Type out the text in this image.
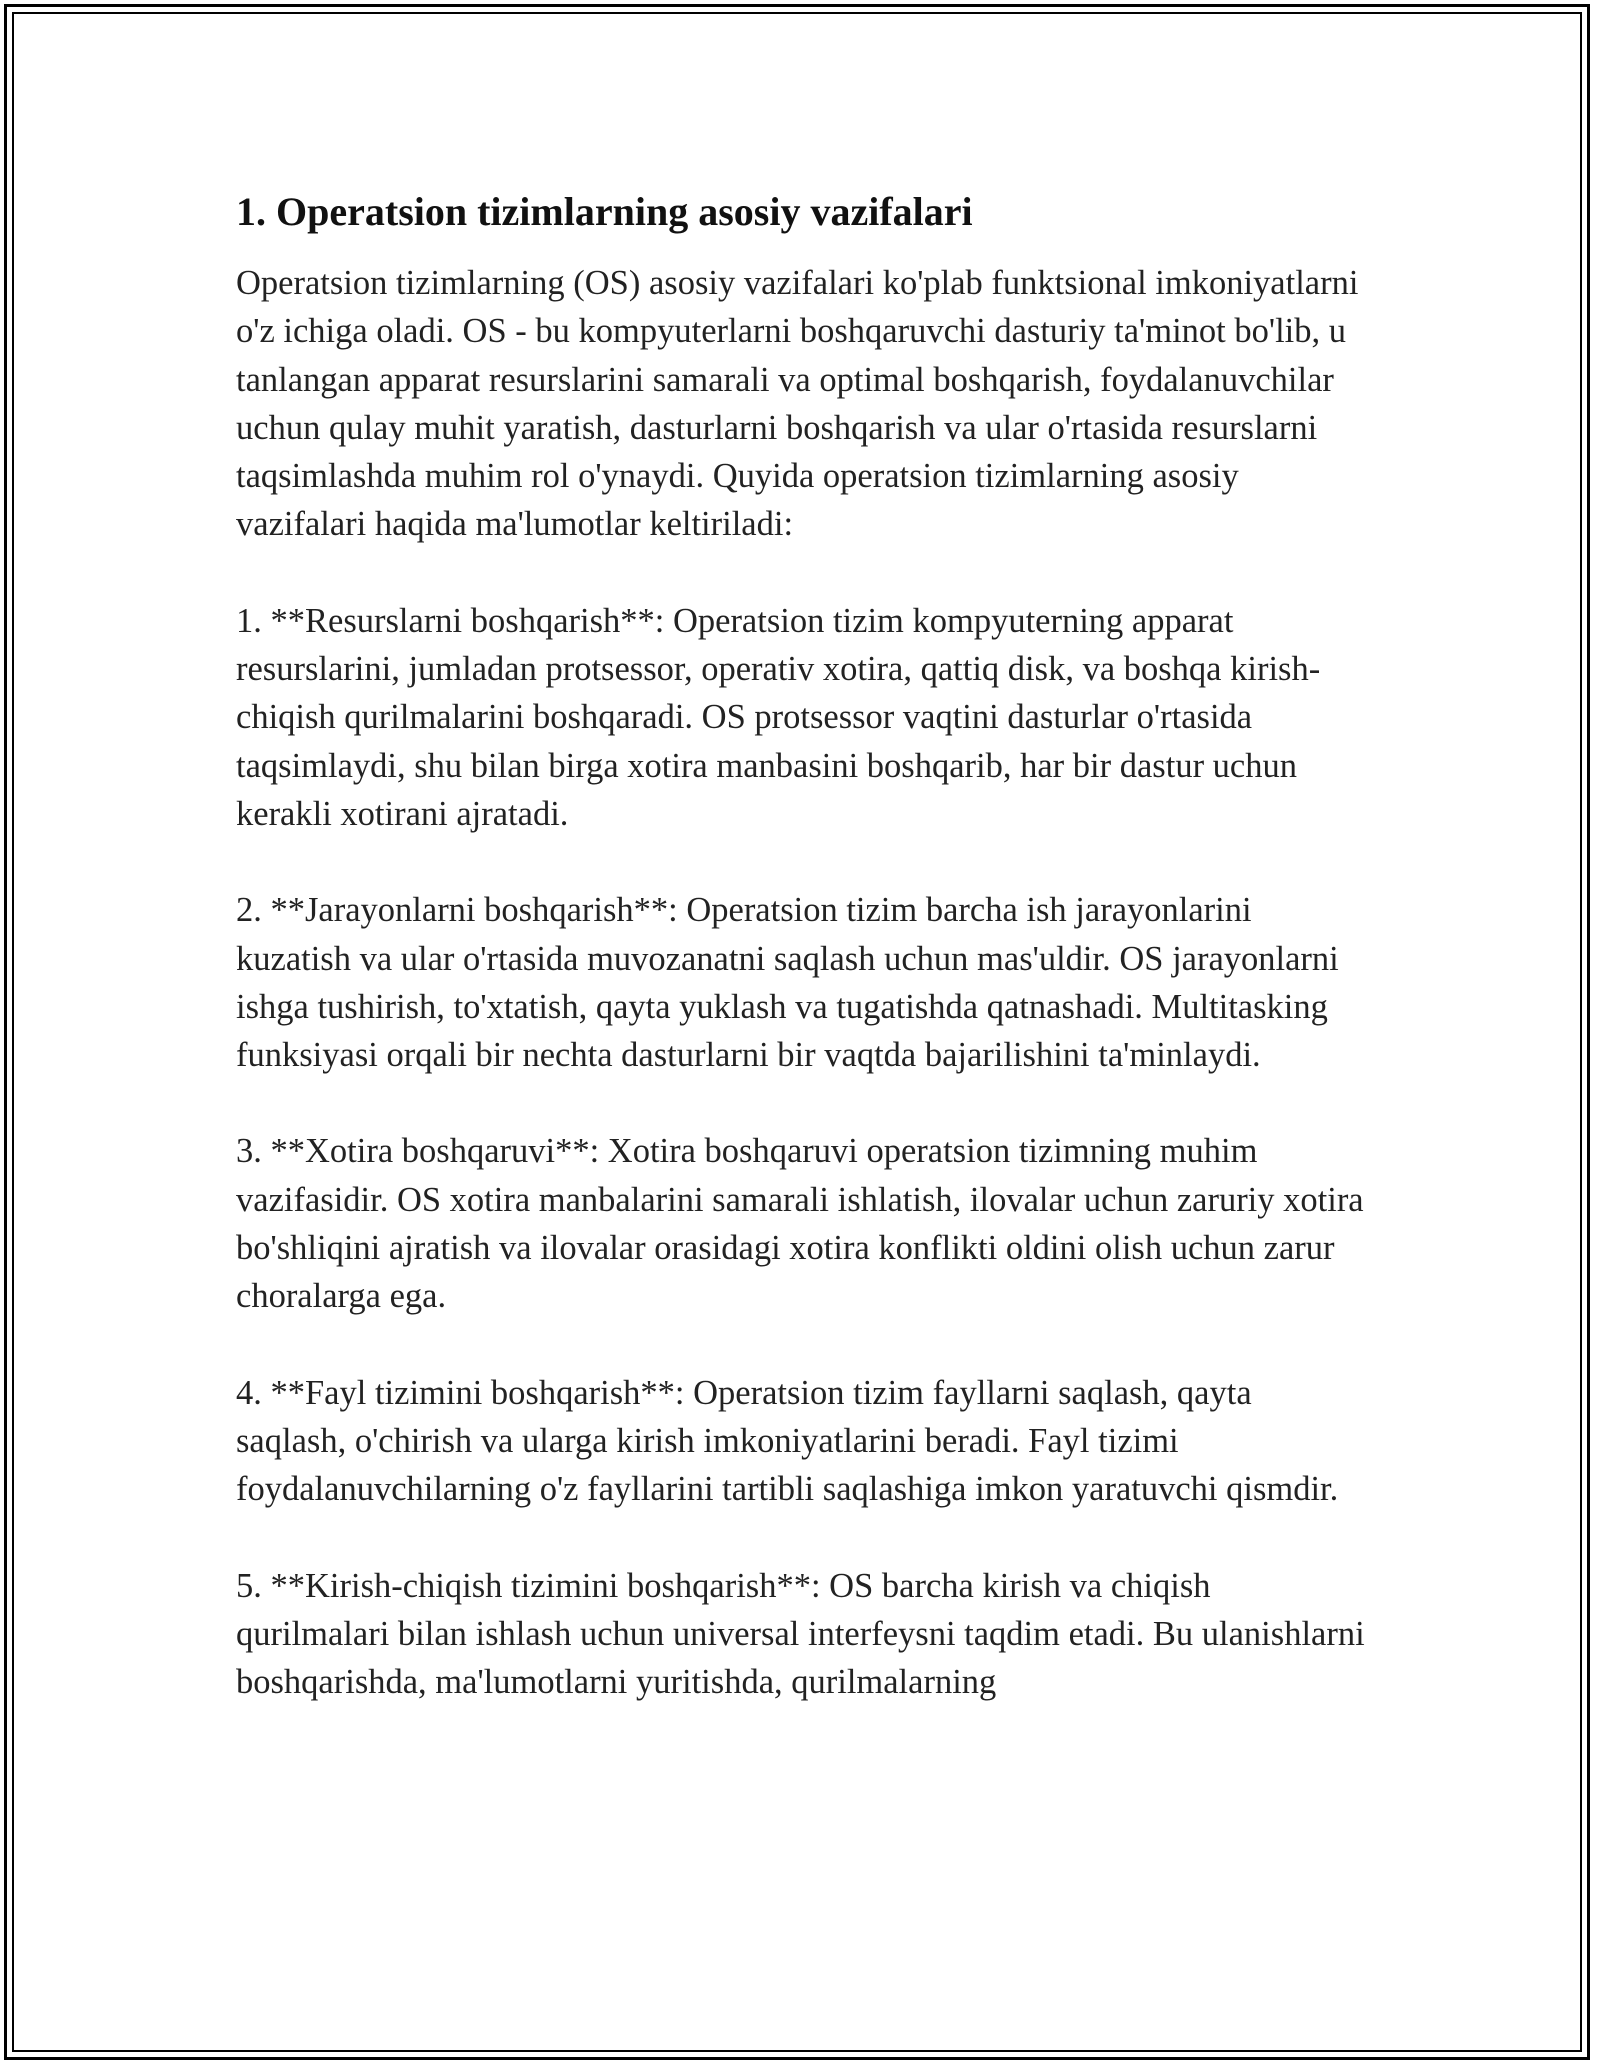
1. Operatsion tizimlarning asosiy vazifalari

Operatsion tizimlarning (OS) asosiy vazifalari ko'plab funktsional imkoniyatlarni o'z ichiga oladi. OS - bu kompyuterlarni boshqaruvchi dasturiy ta'minot bo'lib, u tanlangan apparat resurslarini samarali va optimal boshqarish, foydalanuvchilar uchun qulay muhit yaratish, dasturlarni boshqarish va ular o'rtasida resurslarni taqsimlashda muhim rol o'ynaydi. Quyida operatsion tizimlarning asosiy vazifalari haqida ma'lumotlar keltiriladi:

1. **Resurslarni boshqarish**: Operatsion tizim kompyuterning apparat resurslarini, jumladan protsessor, operativ xotira, qattiq disk, va boshqa kirish-chiqish qurilmalarini boshqaradi. OS protsessor vaqtini dasturlar o'rtasida taqsimlaydi, shu bilan birga xotira manbasini boshqarib, har bir dastur uchun kerakli xotirani ajratadi.

2. **Jarayonlarni boshqarish**: Operatsion tizim barcha ish jarayonlarini kuzatish va ular o'rtasida muvozanatni saqlash uchun mas'uldir. OS jarayonlarni ishga tushirish, to'xtatish, qayta yuklash va tugatishda qatnashadi. Multitasking funksiyasi orqali bir nechta dasturlarni bir vaqtda bajarilishini ta'minlaydi.

3. **Xotira boshqaruvi**: Xotira boshqaruvi operatsion tizimning muhim vazifasidir. OS xotira manbalarini samarali ishlatish, ilovalar uchun zaruriy xotira bo'shliqini ajratish va ilovalar orasidagi xotira konflikti oldini olish uchun zarur choralarga ega.

4. **Fayl tizimini boshqarish**: Operatsion tizim fayllarni saqlash, qayta saqlash, o'chirish va ularga kirish imkoniyatlarini beradi. Fayl tizimi foydalanuvchilarning o'z fayllarini tartibli saqlashiga imkon yaratuvchi qismdir.

5. **Kirish-chiqish tizimini boshqarish**: OS barcha kirish va chiqish qurilmalari bilan ishlash uchun universal interfeysni taqdim etadi. Bu ulanishlarni boshqarishda, ma'lumotlarni yuritishda, qurilmalarning
